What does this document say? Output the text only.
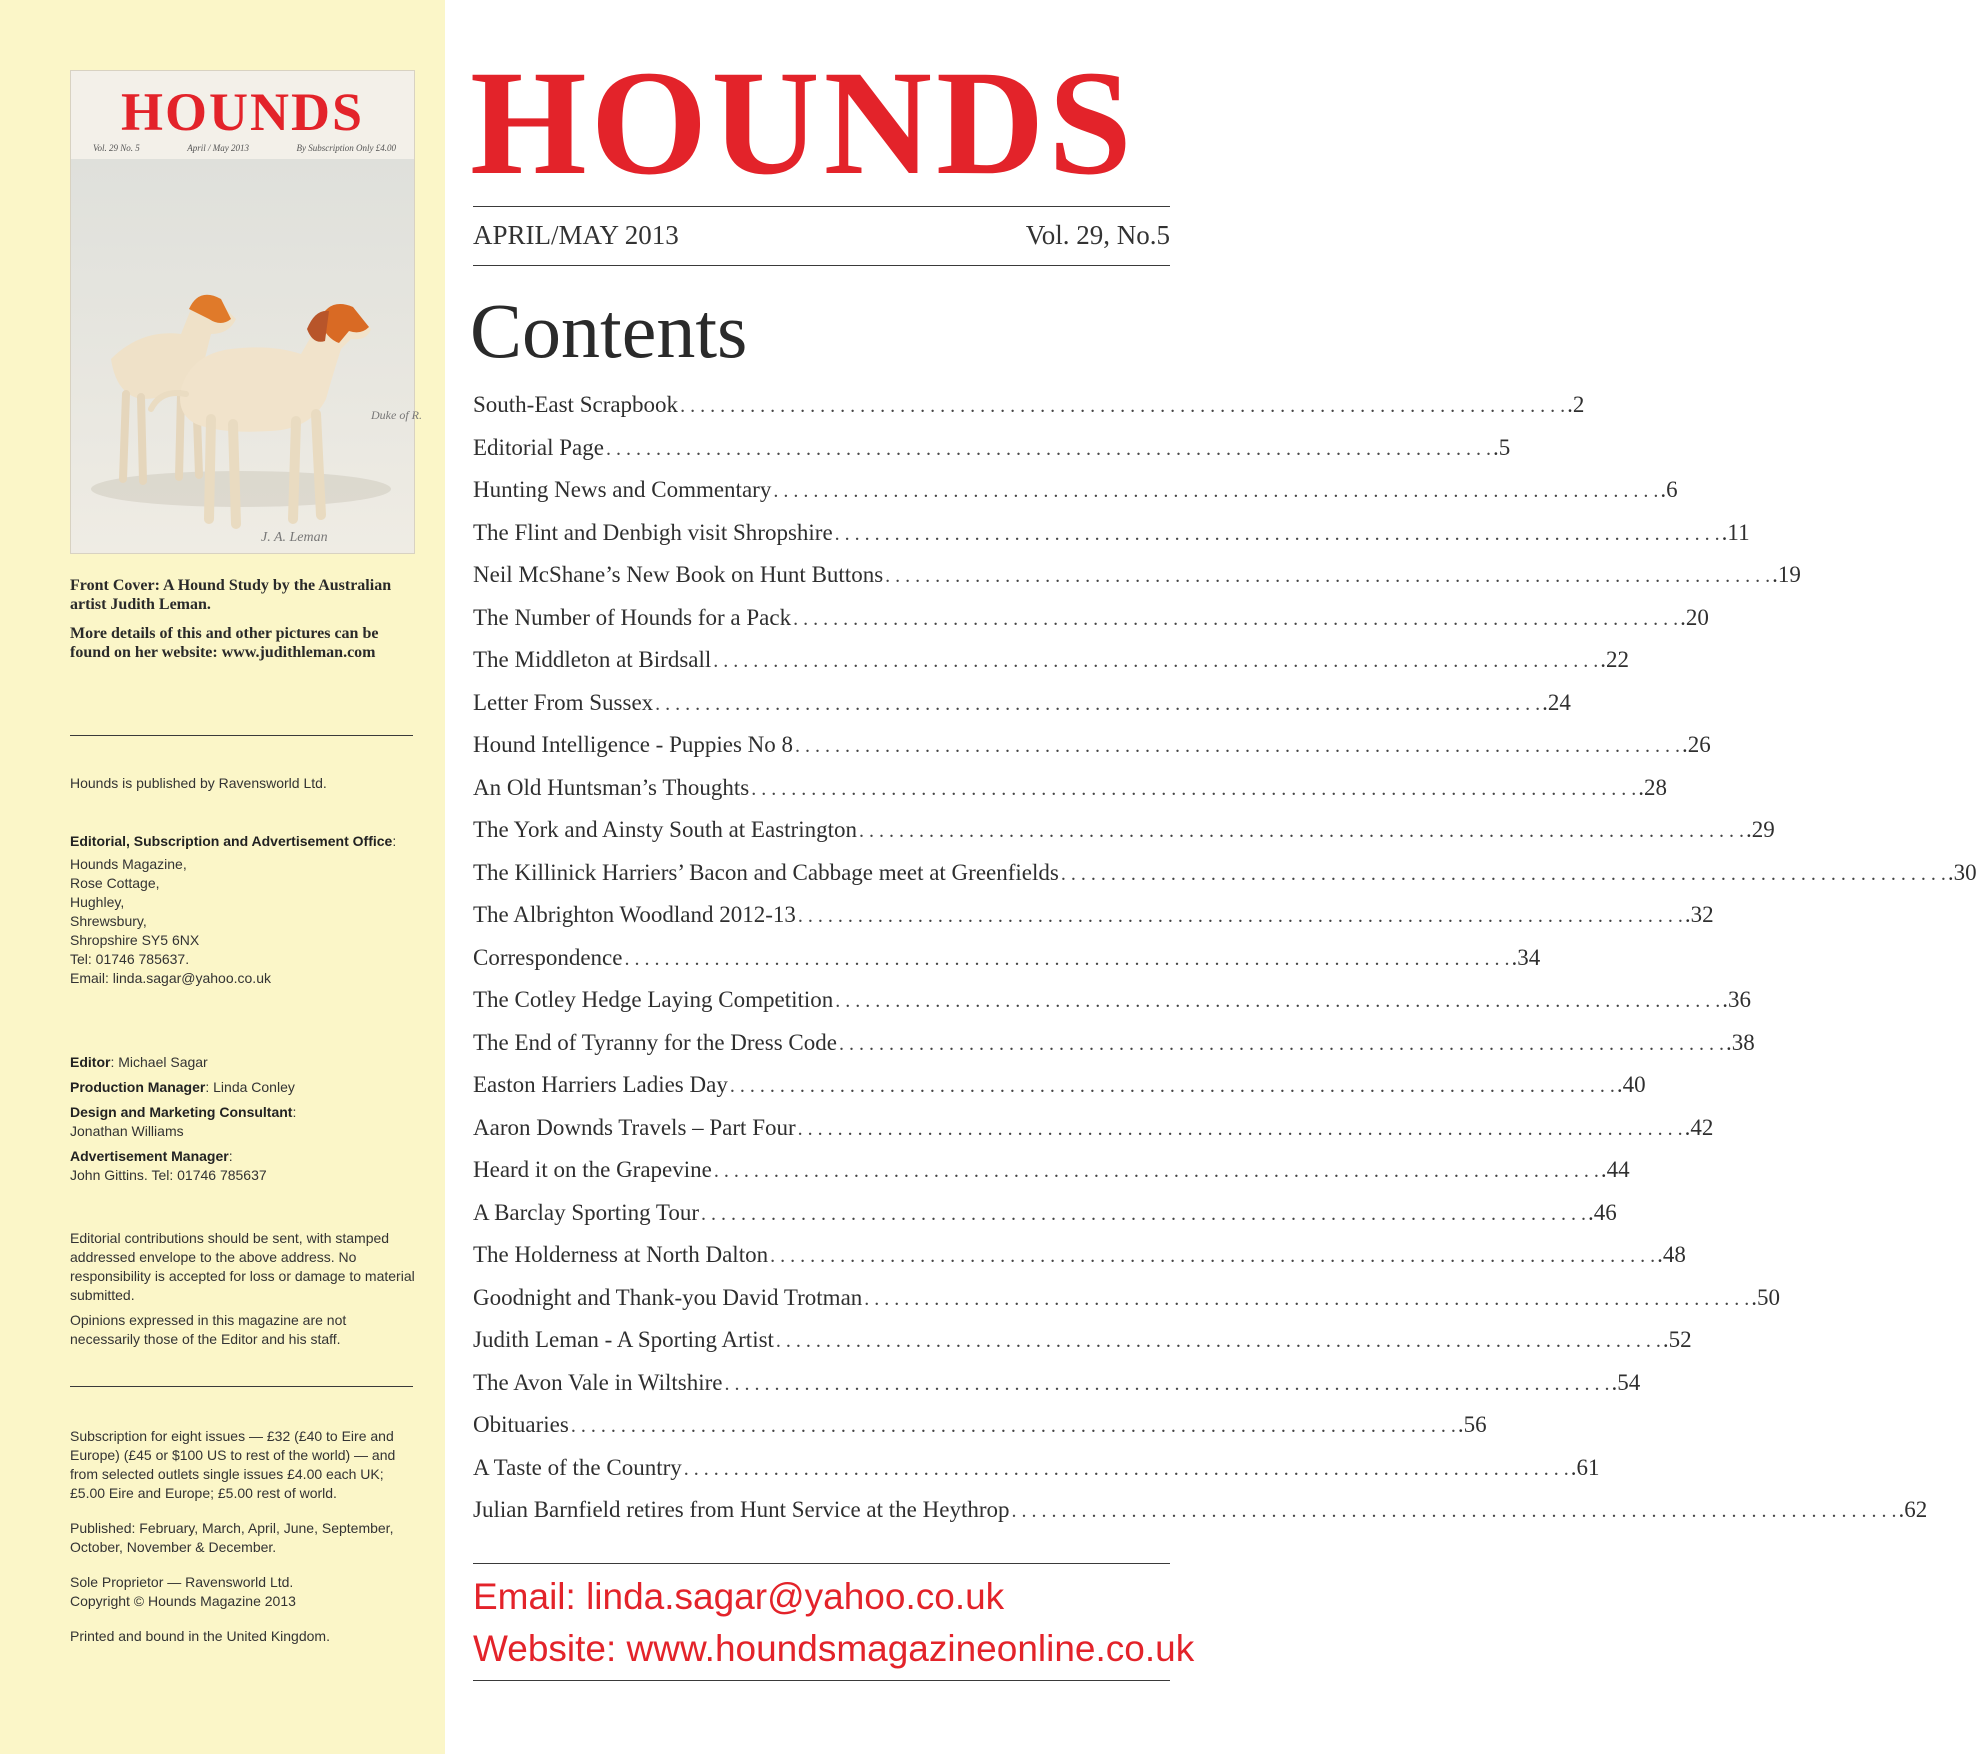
HOUNDS
Vol. 29 No. 5	April / May 2013	By Subscription Only £4.00
Duke of R.
J. A. Leman

Front Cover: A Hound Study by the Australian artist Judith Leman.

More details of this and other pictures can be found on her website: www.judithleman.com

Hounds is published by Ravensworld Ltd.

Editorial, Subscription and Advertisement Office:

Hounds Magazine,

Rose Cottage,

Hughley,

Shrewsbury,

Shropshire SY5 6NX

Tel: 01746 785637.

Email: linda.sagar@yahoo.co.uk

Editor: Michael Sagar

Production Manager: Linda Conley

Design and Marketing Consultant:

Jonathan Williams

Advertisement Manager:

John Gittins. Tel: 01746 785637

Editorial contributions should be sent, with stamped addressed envelope to the above address. No responsibility is accepted for loss or damage to material submitted.

Opinions expressed in this magazine are not necessarily those of the Editor and his staff.

Subscription for eight issues — £32 (£40 to Eire and Europe) (£45 or $100 US to rest of the world) — and from selected outlets single issues £4.00 each UK; £5.00 Eire and Europe; £5.00 rest of world.

Published: February, March, April, June, September, October, November & December.

Sole Proprietor — Ravensworld Ltd.

Copyright © Hounds Magazine 2013

Printed and bound in the United Kingdom.

HOUNDS
APRIL/MAY 2013	Vol. 29, No.5
Contents
South-East Scrapbook . . .	.2
Editorial Page . . .	.5
Hunting News and Commentary . . .	.6
The Flint and Denbigh visit Shropshire . . .	.11
Neil McShane’s New Book on Hunt Buttons . . .	.19
The Number of Hounds for a Pack . . .	.20
The Middleton at Birdsall . . .	.22
Letter From Sussex . . .	.24
Hound Intelligence - Puppies No 8 . . .	.26
An Old Huntsman’s Thoughts . . .	.28
The York and Ainsty South at Eastrington . . .	.29
The Killinick Harriers’ Bacon and Cabbage meet at Greenfields . . .	.30
The Albrighton Woodland 2012-13 . . .	.32
Correspondence . . .	.34
The Cotley Hedge Laying Competition . . .	.36
The End of Tyranny for the Dress Code . . .	.38
Easton Harriers Ladies Day . . .	.40
Aaron Downds Travels – Part Four . . .	.42
Heard it on the Grapevine . . .	.44
A Barclay Sporting Tour . . .	.46
The Holderness at North Dalton . . .	.48
Goodnight and Thank-you David Trotman . . .	.50
Judith Leman - A Sporting Artist . . .	.52
The Avon Vale in Wiltshire . . .	.54
Obituaries . . .	.56
A Taste of the Country . . .	.61
Julian Barnfield retires from Hunt Service at the Heythrop . . .	.62
Email: linda.sagar@yahoo.co.uk
Website: www.houndsmagazineonline.co.uk
